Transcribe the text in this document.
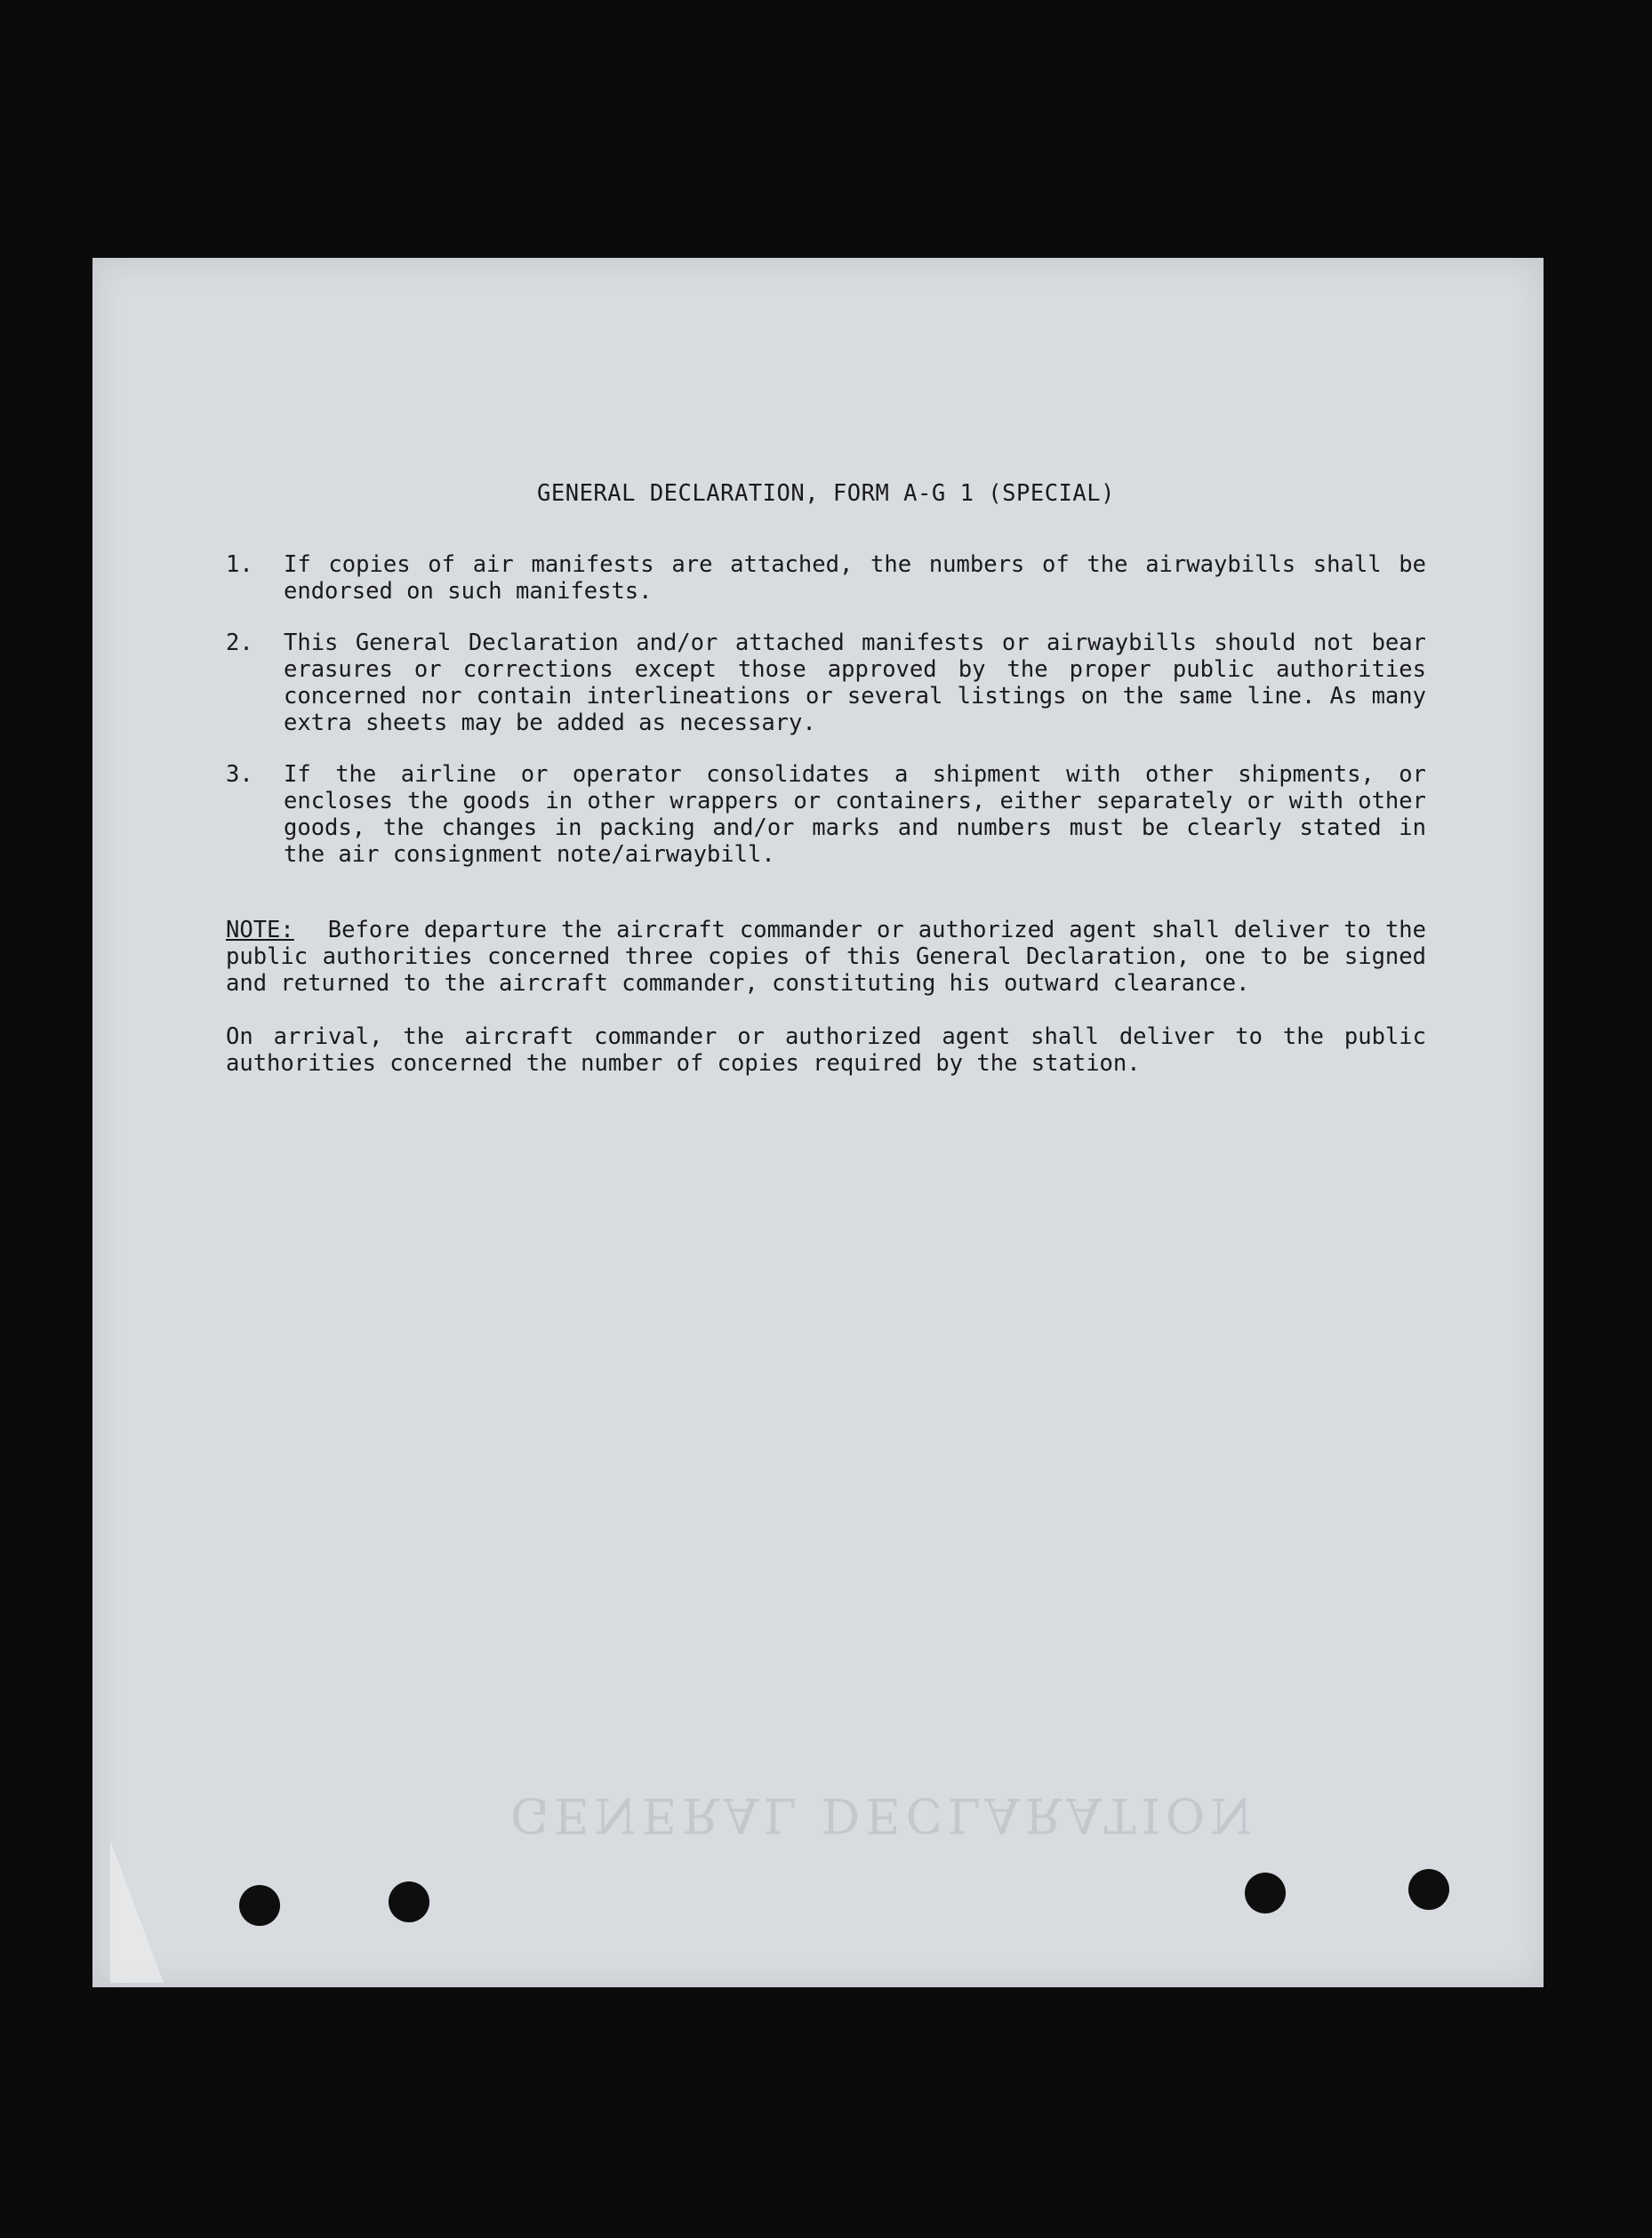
GENERAL DECLARATION
GENERAL DECLARATION, FORM A-G 1 (SPECIAL)
1.	If copies of air manifests are attached, the numbers of the airwaybills shall be endorsed on such manifests.
2.	This General Declaration and/or attached manifests or airwaybills should not bear erasures or corrections except those approved by the proper public authorities concerned nor contain interlineations or several listings on the same line. As many extra sheets may be added as necessary.
3.	If the airline or operator consolidates a shipment with other shipments, or encloses the goods in other wrappers or containers, either separately or with other goods, the changes in packing and/or marks and numbers must be clearly stated in the air consignment note/airwaybill.
NOTE: Before departure the aircraft commander or authorized agent shall deliver to the public authorities concerned three copies of this General Declaration, one to be signed and returned to the aircraft commander, constituting his outward clearance.
On arrival, the aircraft commander or authorized agent shall deliver to the public authorities concerned the number of copies required by the station.
